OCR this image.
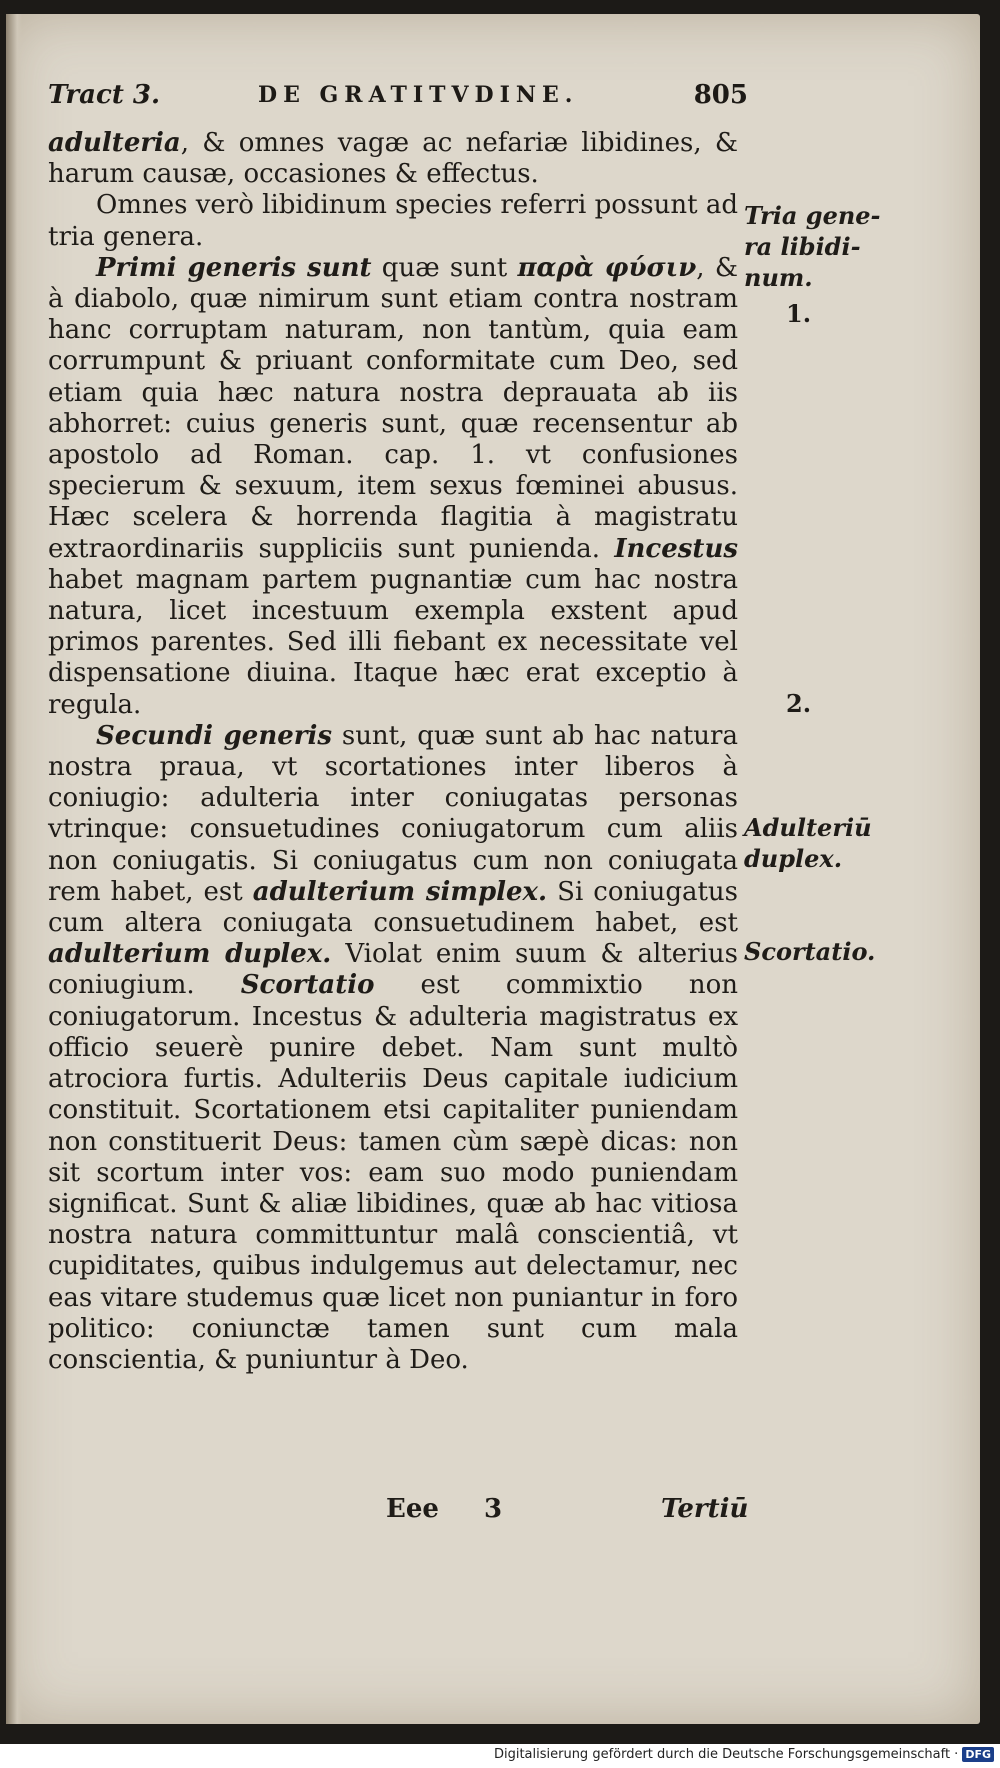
Tract 3.	DE GRATITVDINE.	805

adulteria, & omnes vagæ ac nefariæ libidines, & harum causæ, occasiones & effectus.

Omnes verò libidinum species referri possunt ad tria genera.

Primi generis sunt quæ sunt παρὰ φύσιν, & à diabolo, quæ nimirum sunt etiam contra nostram hanc corruptam naturam, non tantùm, quia eam corrumpunt & priuant conformitate cum Deo, sed etiam quia hæc natura nostra deprauata ab iis abhorret: cuius generis sunt, quæ recensentur ab apostolo ad Roman. cap. 1. vt confusiones specierum & sexuum, item sexus fœminei abusus. Hæc scelera & horrenda flagitia à magistratu extraordinariis suppliciis sunt punienda. Incestus habet magnam partem pugnantiæ cum hac nostra natura, licet incestuum exempla exstent apud primos parentes. Sed illi fiebant ex necessitate vel dispensatione diuina. Itaque hæc erat exceptio à regula.

Secundi generis sunt, quæ sunt ab hac natura nostra praua, vt scortationes inter liberos à coniugio: adulteria inter coniugatas personas vtrinque: consuetudines coniugatorum cum aliis non coniugatis. Si coniugatus cum non coniugata rem habet, est adulterium simplex. Si coniugatus cum altera coniugata consuetudinem habet, est adulterium duplex. Violat enim suum & alterius coniugium. Scortatio est commixtio non coniugatorum. Incestus & adulteria magistratus ex officio seuerè punire debet. Nam sunt multò atrociora furtis. Adulteriis Deus capitale iudicium constituit. Scortationem etsi capitaliter puniendam non constituerit Deus: tamen cùm sæpè dicas: non sit scortum inter vos: eam suo modo puniendam significat. Sunt & aliæ libidines, quæ ab hac vitiosa nostra natura committuntur malâ conscientiâ, vt cupiditates, quibus indulgemus aut delectamur, nec eas vitare studemus quæ licet non puniantur in foro politico: coniunctæ tamen sunt cum mala conscientia, & puniuntur à Deo.

Tria gene-
ra libidi-
num.
1.
2.
Adulteriū
duplex.
Scortatio.
Eee 3	Tertiū
Digitalisierung gefördert durch die Deutsche Forschungsgemeinschaft · DFG
